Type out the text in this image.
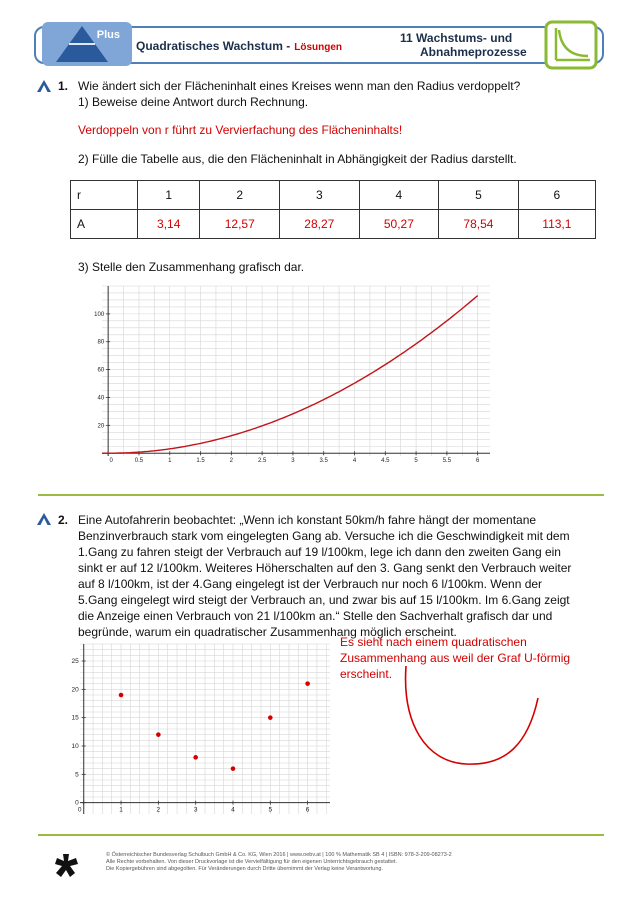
Plus
Quadratisches Wachstum - Lösungen
11 Wachstums- und
Abnahmeprozesse
1. Wie ändert sich der Flächeninhalt eines Kreises wenn man den Radius verdoppelt?
1) Beweise deine Antwort durch Rechnung.
Verdoppeln von r führt zu Vervierfachung des Flächeninhalts!
2) Fülle die Tabelle aus, die den Flächeninhalt in Abhängigkeit der Radius darstellt.
r	1	2	3	4	5	6
A	3,14	12,57	28,27	50,27	78,54	113,1
3) Stelle den Zusammenhang grafisch dar.
0	0.5	1	1.5	2	2.5	3	3.5	4	4.5	5	5.5	6
20
40
60
80
100
2. Eine Autofahrerin beobachtet: „Wenn ich konstant 50km/h fahre hängt der momentane
Benzinverbrauch stark vom eingelegten Gang ab. Versuche ich die Geschwindigkeit mit dem
1.Gang zu fahren steigt der Verbrauch auf 19 l/100km, lege ich dann den zweiten Gang ein
sinkt er auf 12 l/100km. Weiteres Höherschalten auf den 3. Gang senkt den Verbrauch weiter
auf 8 l/100km, ist der 4.Gang eingelegt ist der Verbrauch nur noch 6 l/100km. Wenn der
5.Gang eingelegt wird steigt der Verbrauch an, und zwar bis auf 15 l/100km. Im 6.Gang zeigt
die Anzeige einen Verbrauch von 21 l/100km an.“ Stelle den Sachverhalt grafisch dar und
begründe, warum ein quadratischer Zusammenhang möglich erscheint.
0	1	2	3	4	5	6
0
5
10
15
20
25
Es sieht nach einem quadratischen
Zusammenhang aus weil der Graf U-förmig
erscheint.
© Österreichischer Bundesverlag Schulbuch GmbH & Co. KG, Wien 2016 | www.oebv.at | 100 % Mathematik SB 4 | ISBN: 978-3-209-08273-2
Alle Rechte vorbehalten. Von dieser Druckvorlage ist die Vervielfältigung für den eigenen Unterrichtsgebrauch gestattet.
Die Kopiergebühren sind abgegolten. Für Veränderungen durch Dritte übernimmt der Verlag keine Verantwortung.
